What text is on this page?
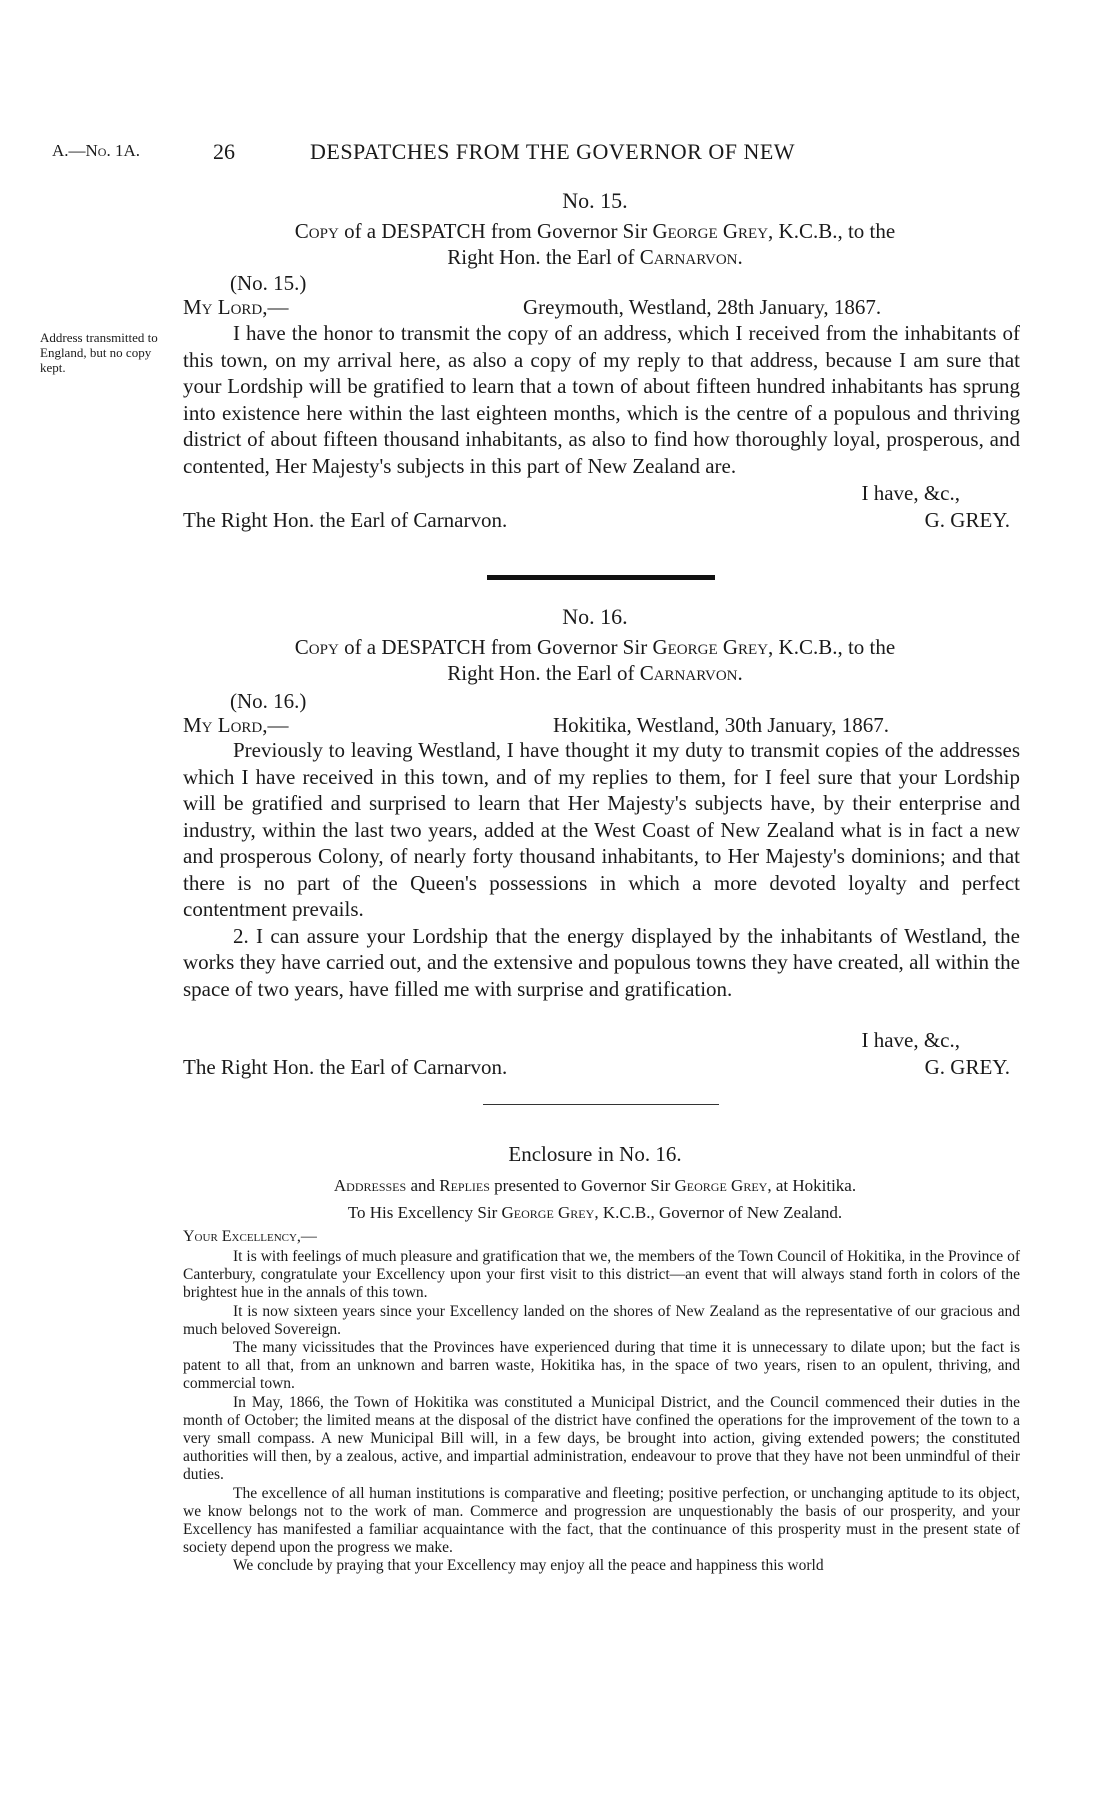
A.—No. 1A.	26	DESPATCHES FROM THE GOVERNOR OF NEW
No. 15.
Copy of a DESPATCH from Governor Sir George Grey, K.C.B., to the
Right Hon. the Earl of Carnarvon.
(No. 15.)
My Lord,—	Greymouth, Westland, 28th January, 1867.
Address transmitted to England, but no copy kept.

I have the honor to transmit the copy of an address, which I received from the inhabitants of this town, on my arrival here, as also a copy of my reply to that address, because I am sure that your Lordship will be gratified to learn that a town of about fifteen hundred inhabitants has sprung into existence here within the last eighteen months, which is the centre of a populous and thriving district of about fifteen thousand inhabitants, as also to find how thoroughly loyal, prosperous, and contented, Her Majesty's subjects in this part of New Zealand are.

I have, &c.,
The Right Hon. the Earl of Carnarvon.	G. GREY.
No. 16.
Copy of a DESPATCH from Governor Sir George Grey, K.C.B., to the
Right Hon. the Earl of Carnarvon.
(No. 16.)
My Lord,—	Hokitika, Westland, 30th January, 1867.

Previously to leaving Westland, I have thought it my duty to transmit copies of the addresses which I have received in this town, and of my replies to them, for I feel sure that your Lordship will be gratified and surprised to learn that Her Majesty's subjects have, by their enterprise and industry, within the last two years, added at the West Coast of New Zealand what is in fact a new and prosperous Colony, of nearly forty thousand inhabitants, to Her Majesty's dominions; and that there is no part of the Queen's possessions in which a more devoted loyalty and perfect contentment prevails.

2. I can assure your Lordship that the energy displayed by the inhabitants of Westland, the works they have carried out, and the extensive and populous towns they have created, all within the space of two years, have filled me with surprise and gratification.

I have, &c.,
The Right Hon. the Earl of Carnarvon.	G. GREY.
Enclosure in No. 16.
Addresses and Replies presented to Governor Sir George Grey, at Hokitika.
To His Excellency Sir George Grey, K.C.B., Governor of New Zealand.
Your Excellency,—

It is with feelings of much pleasure and gratification that we, the members of the Town Council of Hokitika, in the Province of Canterbury, congratulate your Excellency upon your first visit to this district—an event that will always stand forth in colors of the brightest hue in the annals of this town.

It is now sixteen years since your Excellency landed on the shores of New Zealand as the representative of our gracious and much beloved Sovereign.

The many vicissitudes that the Provinces have experienced during that time it is unnecessary to dilate upon; but the fact is patent to all that, from an unknown and barren waste, Hokitika has, in the space of two years, risen to an opulent, thriving, and commercial town.

In May, 1866, the Town of Hokitika was constituted a Municipal District, and the Council commenced their duties in the month of October; the limited means at the disposal of the district have confined the operations for the improvement of the town to a very small compass. A new Municipal Bill will, in a few days, be brought into action, giving extended powers; the constituted authorities will then, by a zealous, active, and impartial administration, endeavour to prove that they have not been unmindful of their duties.

The excellence of all human institutions is comparative and fleeting; positive perfection, or unchanging aptitude to its object, we know belongs not to the work of man. Commerce and progression are unquestionably the basis of our prosperity, and your Excellency has manifested a familiar acquaintance with the fact, that the continuance of this prosperity must in the present state of society depend upon the progress we make.

We conclude by praying that your Excellency may enjoy all the peace and happiness this world
